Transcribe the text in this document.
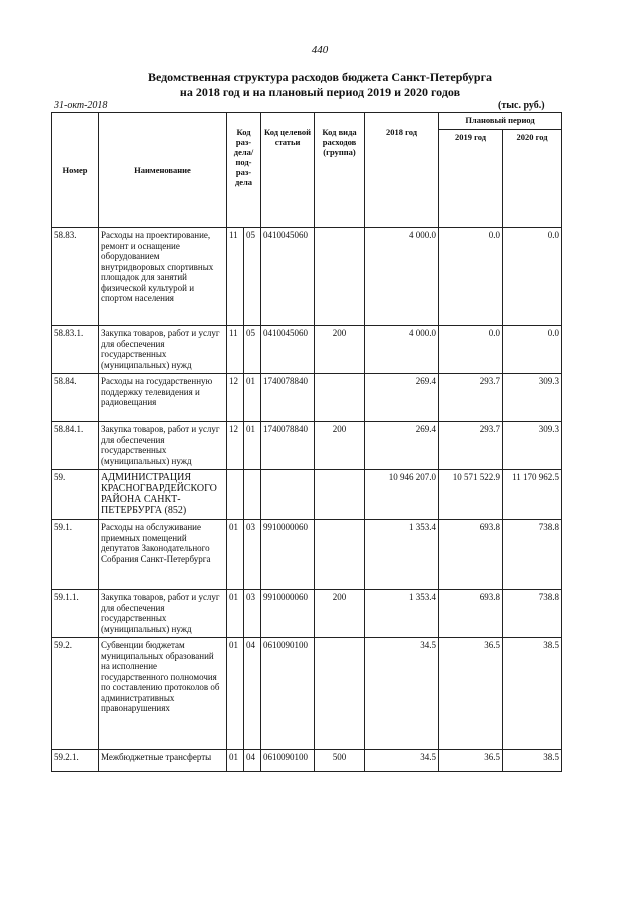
440
Ведомственная структура расходов бюджета Санкт-Петербурга
на 2018 год и на плановый период 2019 и 2020 годов
31-окт-2018	(тыс. руб.)
Номер	Наименование	Код раз-дела/ под-раз-дела		Код целевой статьи	Код вида расходов (группа)	2018 год	Плановый период	
							2019 год	2020 год
58.83.	Расходы на проектирование, ремонт и оснащение оборудованием внутридворовых спортивных площадок для занятий физической культурой и спортом населения	11	05	0410045060		4 000.0	0.0	0.0
58.83.1.	Закупка товаров, работ и услуг для обеспечения государственных (муниципальных) нужд	11	05	0410045060	200	4 000.0	0.0	0.0
58.84.	Расходы на государственную поддержку телевидения и радиовещания	12	01	1740078840		269.4	293.7	309.3
58.84.1.	Закупка товаров, работ и услуг для обеспечения государственных (муниципальных) нужд	12	01	1740078840	200	269.4	293.7	309.3
59.	АДМИНИСТРАЦИЯ КРАСНОГВАРДЕЙСКОГО РАЙОНА САНКТ-ПЕТЕРБУРГА (852)					10 946 207.0	10 571 522.9	11 170 962.5
59.1.	Расходы на обслуживание приемных помещений депутатов Законодательного Собрания Санкт-Петербурга	01	03	9910000060		1 353.4	693.8	738.8
59.1.1.	Закупка товаров, работ и услуг для обеспечения государственных (муниципальных) нужд	01	03	9910000060	200	1 353.4	693.8	738.8
59.2.	Субвенции бюджетам муниципальных образований на исполнение государственного полномочия по составлению протоколов об административных правонарушениях	01	04	0610090100		34.5	36.5	38.5
59.2.1.	Межбюджетные трансферты	01	04	0610090100	500	34.5	36.5	38.5
